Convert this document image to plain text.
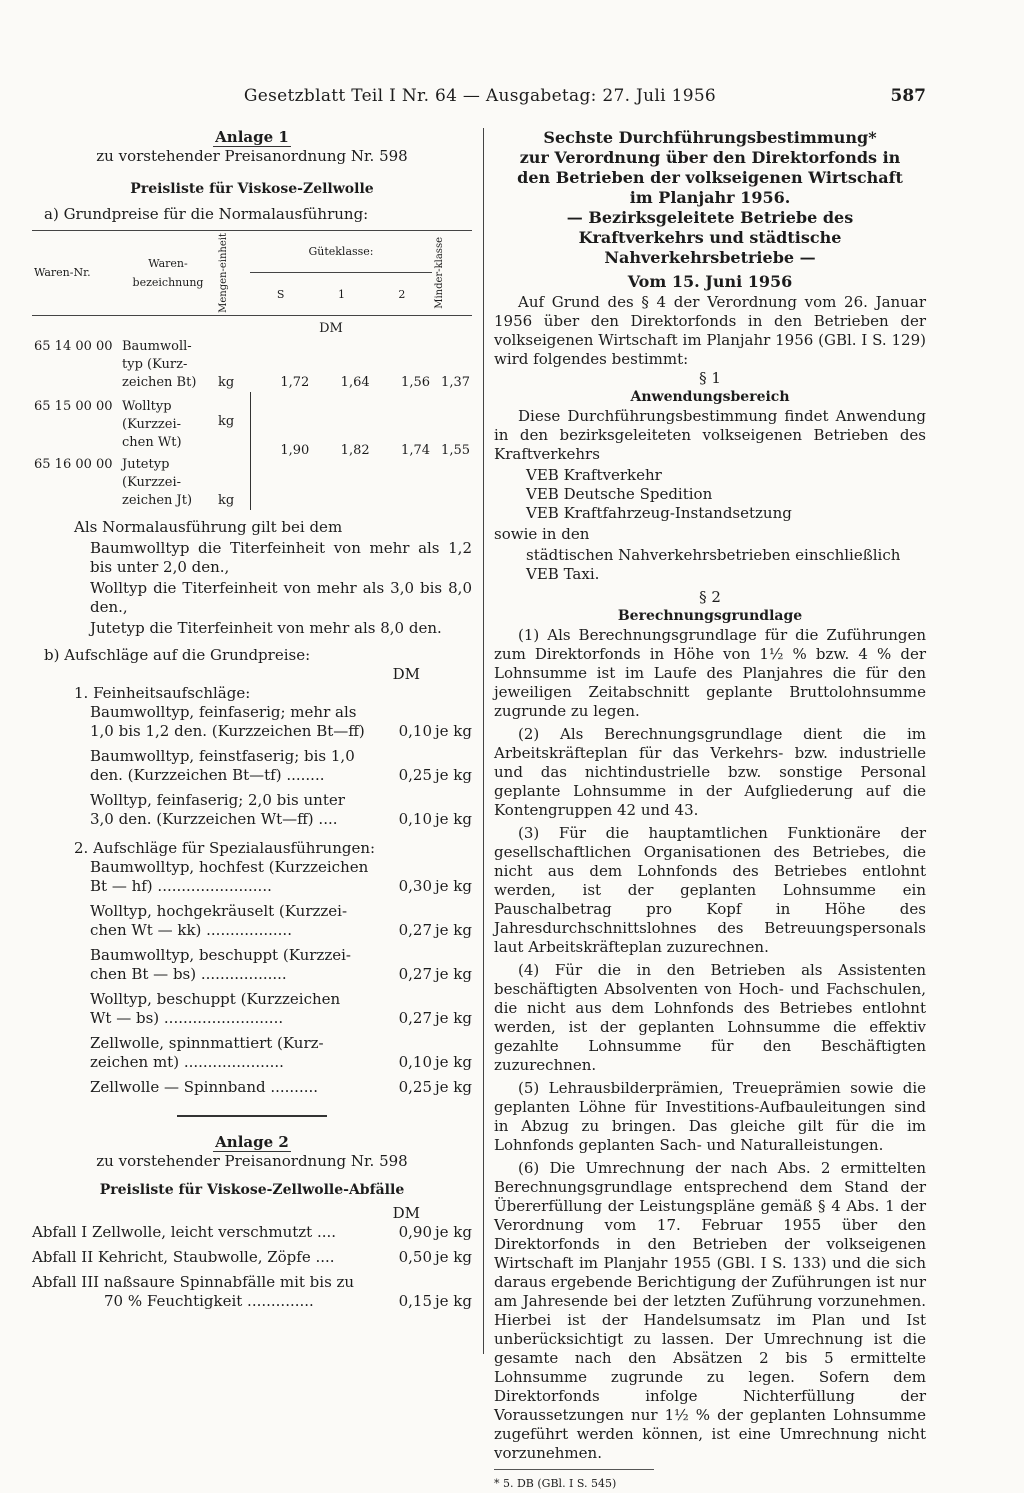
Gesetzblatt Teil I Nr. 64 — Ausgabetag: 27. Juli 1956	587
Anlage 1
zu vorstehender Preisanordnung Nr. 598
Preisliste für Viskose-Zellwolle
a) Grundpreise für die Normalausführung:
Waren-Nr.	Waren-bezeichnung	Mengen-einheit	Güteklasse:			Minder-klasse

			S	1	2	
DM						
65 14 00 00	Baumwoll-
typ (Kurz-
zeichen Bt)	kg	1,72	1,64	1,56	1,37
65 15 00 00	Wolltyp
(Kurzzei-
chen Wt)	kg	1,90	1,82	1,74	1,55
65 16 00 00	Jutetyp
(Kurzzei-
zeichen Jt)	kg				
Als Normalausführung gilt bei dem
Baumwolltyp die Titerfeinheit von mehr als 1,2 bis unter 2,0 den.,
Wolltyp die Titerfeinheit von mehr als 3,0 bis 8,0 den.,
Jutetyp die Titerfeinheit von mehr als 8,0 den.
b) Aufschläge auf die Grundpreise:
DM
1. Feinheitsaufschläge:
Baumwolltyp, feinfaserig; mehr als
1,0 bis 1,2 den. (Kurzzeichen Bt—ff)	0,10 je kg
Baumwolltyp, feinstfaserig; bis 1,0
den. (Kurzzeichen Bt—tf) ........	0,25 je kg
Wolltyp, feinfaserig; 2,0 bis unter
3,0 den. (Kurzzeichen Wt—ff) ....	0,10 je kg
2. Aufschläge für Spezialausführungen:
Baumwolltyp, hochfest (Kurzzeichen
Bt — hf) ........................	0,30 je kg
Wolltyp, hochgekräuselt (Kurzzei-
chen Wt — kk) ..................	0,27 je kg
Baumwolltyp, beschuppt (Kurzzei-
chen Bt — bs) ..................	0,27 je kg
Wolltyp, beschuppt (Kurzzeichen
Wt — bs) .........................	0,27 je kg
Zellwolle, spinnmattiert (Kurz-
zeichen mt) .....................	0,10 je kg
Zellwolle — Spinnband ..........	0,25 je kg
Anlage 2
zu vorstehender Preisanordnung Nr. 598
Preisliste für Viskose-Zellwolle-Abfälle
DM
Abfall I Zellwolle, leicht verschmutzt ....	0,90 je kg
Abfall II Kehricht, Staubwolle, Zöpfe ....	0,50 je kg
Abfall III naßsaure Spinnabfälle mit bis zu
70 % Feuchtigkeit ..............	0,15 je kg
Sechste Durchführungsbestimmung*
zur Verordnung über den Direktorfonds in den Betrieben der volkseigenen Wirtschaft im Planjahr 1956.
— Bezirksgeleitete Betriebe des Kraftverkehrs und städtische Nahverkehrsbetriebe —
Vom 15. Juni 1956
Auf Grund des § 4 der Verordnung vom 26. Januar 1956 über den Direktorfonds in den Betrieben der volkseigenen Wirtschaft im Planjahr 1956 (GBl. I S. 129) wird folgendes bestimmt:
§ 1
Anwendungsbereich
Diese Durchführungsbestimmung findet Anwendung in den bezirksgeleiteten volkseigenen Betrieben des Kraftverkehrs
VEB Kraftverkehr
VEB Deutsche Spedition
VEB Kraftfahrzeug-Instandsetzung
sowie in den
städtischen Nahverkehrsbetrieben einschließlich VEB Taxi.
§ 2
Berechnungsgrundlage
(1) Als Berechnungsgrundlage für die Zuführungen zum Direktorfonds in Höhe von 1½ % bzw. 4 % der Lohnsumme ist im Laufe des Planjahres die für den jeweiligen Zeitabschnitt geplante Bruttolohnsumme zugrunde zu legen.
(2) Als Berechnungsgrundlage dient die im Arbeitskräfteplan für das Verkehrs- bzw. industrielle und das nichtindustrielle bzw. sonstige Personal geplante Lohnsumme in der Aufgliederung auf die Kontengruppen 42 und 43.
(3) Für die hauptamtlichen Funktionäre der gesellschaftlichen Organisationen des Betriebes, die nicht aus dem Lohnfonds des Betriebes entlohnt werden, ist der geplanten Lohnsumme ein Pauschalbetrag pro Kopf in Höhe des Jahresdurchschnittslohnes des Betreuungspersonals laut Arbeitskräfteplan zuzurechnen.
(4) Für die in den Betrieben als Assistenten beschäftigten Absolventen von Hoch- und Fachschulen, die nicht aus dem Lohnfonds des Betriebes entlohnt werden, ist der geplanten Lohnsumme die effektiv gezahlte Lohnsumme für den Beschäftigten zuzurechnen.
(5) Lehrausbilderprämien, Treueprämien sowie die geplanten Löhne für Investitions-Aufbauleitungen sind in Abzug zu bringen. Das gleiche gilt für die im Lohnfonds geplanten Sach- und Naturalleistungen.
(6) Die Umrechnung der nach Abs. 2 ermittelten Berechnungsgrundlage entsprechend dem Stand der Übererfüllung der Leistungspläne gemäß § 4 Abs. 1 der Verordnung vom 17. Februar 1955 über den Direktorfonds in den Betrieben der volkseigenen Wirtschaft im Planjahr 1955 (GBl. I S. 133) und die sich daraus ergebende Berichtigung der Zuführungen ist nur am Jahresende bei der letzten Zuführung vorzunehmen. Hierbei ist der Handelsumsatz im Plan und Ist unberücksichtigt zu lassen. Der Umrechnung ist die gesamte nach den Absätzen 2 bis 5 ermittelte Lohnsumme zugrunde zu legen. Sofern dem Direktorfonds infolge Nichterfüllung der Voraussetzungen nur 1½ % der geplanten Lohnsumme zugeführt werden können, ist eine Umrechnung nicht vorzunehmen.
* 5. DB (GBl. I S. 545)
